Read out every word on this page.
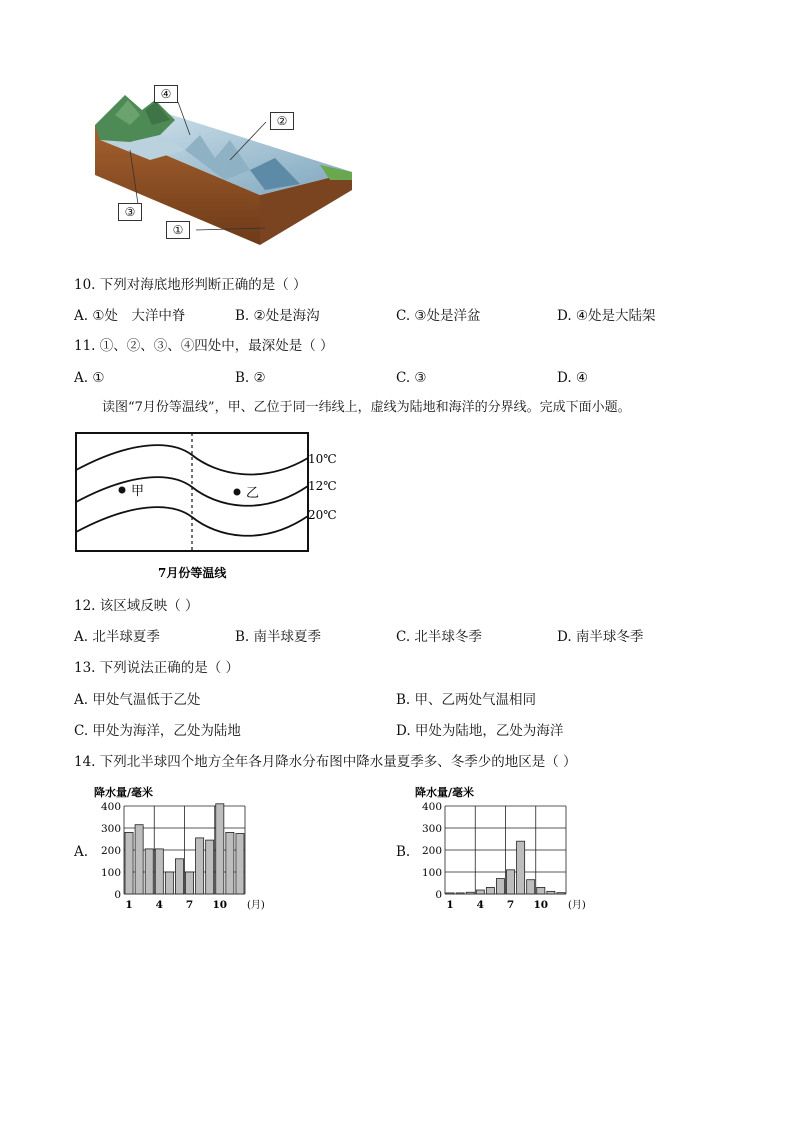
④
②
③
①
10. 下列对海底地形判断正确的是（ ）
A. ①处　大洋中脊	B. ②处是海沟	C. ③处是洋盆	D. ④处是大陆架
11. ①、②、③、④四处中，最深处是（ ）
A. ①	B. ②	C. ③	D. ④
读图“7月份等温线”，甲、乙位于同一纬线上，虚线为陆地和海洋的分界线。完成下面小题。
甲	乙
10℃
12℃
20℃
7月份等温线
12. 该区域反映（ ）
A. 北半球夏季	B. 南半球夏季	C. 北半球冬季	D. 南半球冬季
13. 下列说法正确的是（ ）
A. 甲处气温低于乙处	B. 甲、乙两处气温相同
C. 甲处为海洋，乙处为陆地	D. 甲处为陆地，乙处为海洋
14. 下列北半球四个地方全年各月降水分布图中降水量夏季多、冬季少的地区是（ ）
A.	B.
降水量/毫米
0
100
200
300
400
1 4 7 10 (月)
降水量/毫米
0
100
200
300
400
1 4 7 10 (月)
